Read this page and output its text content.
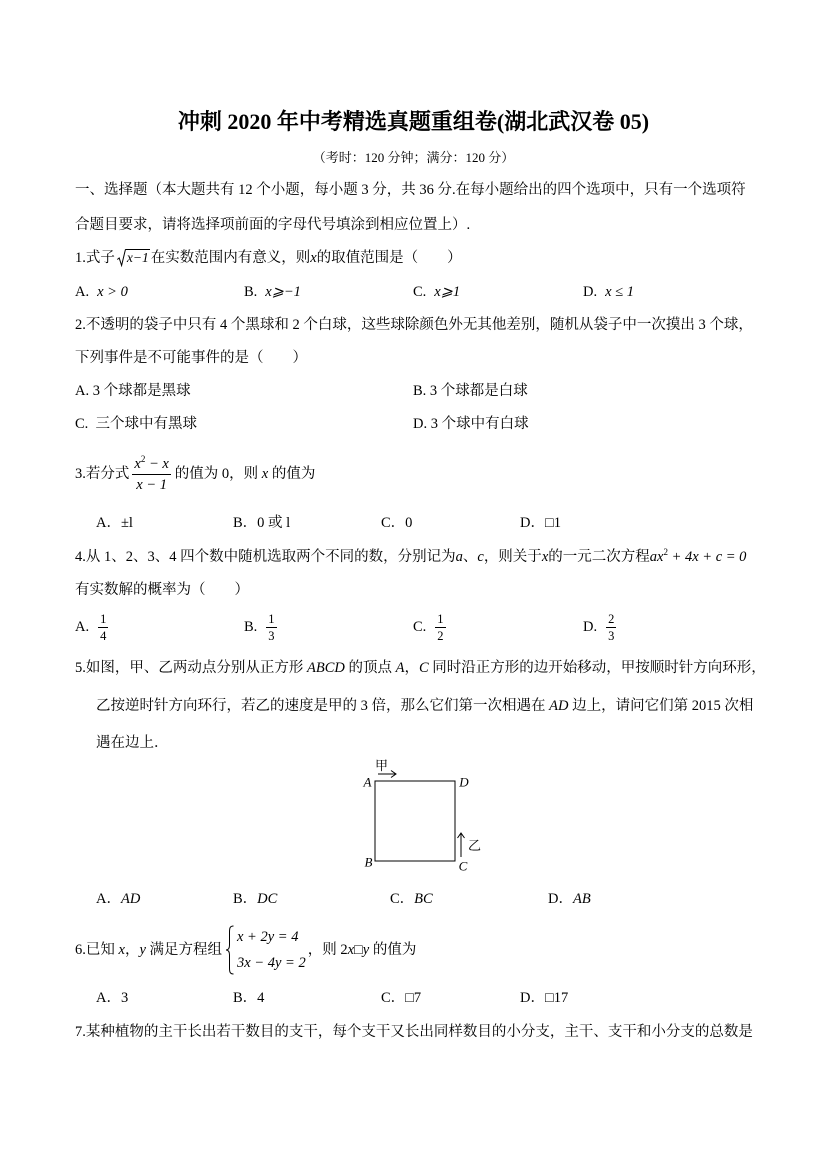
冲刺 2020 年中考精选真题重组卷(湖北武汉卷 05)
（考时：120 分钟；满分：120 分）
一、选择题（本大题共有 12 个小题，每小题 3 分，共 36 分.在每小题给出的四个选项中，只有一个选项符
合题目要求，请将选择项前面的字母代号填涂到相应位置上）.
1.式子 x−1 在实数范围内有意义，则 x 的取值范围是（　　）
A. x > 0	B. x⩾−1	C. x⩾1	D. x ≤ 1
2.不透明的袋子中只有 4 个黑球和 2 个白球，这些球除颜色外无其他差别，随机从袋子中一次摸出 3 个球，
下列事件是不可能事件的是（　　）
A. 3 个球都是黑球	B. 3 个球都是白球
C.  三个球中有黑球	D. 3 个球中有白球
3.若分式 $\frac{x^2 - x}{x - 1}$ 的值为 0，则 x 的值为
A．±l	B．0 或 l	C．0	D．□1
4.从 1、2、3、4 四个数中随机选取两个不同的数，分别记为 a 、 c ，则关于 x 的一元二次方程 $ax^2 + 4x + c = 0$
有实数解的概率为（　　）
A. $\frac{1}{4}$	B. $\frac{1}{3}$	C. $\frac{1}{2}$	D. $\frac{2}{3}$
5.如图，甲、乙两动点分别从正方形 ABCD 的顶点 A ， C 同时沿正方形的边开始移动，甲按顺时针方向环形，
乙按逆时针方向环行，若乙的速度是甲的 3 倍，那么它们第一次相遇在 AD 边上，请问它们第 2015 次相
遇在边上．
A	D
B	C
甲
乙
A． AD	B． DC	C． BC	D． AB
6.已知 x ， y 满足方程组
x + 2y = 4
3x − 4y = 2
，则 2 x □ y 的值为
A．3	B．4	C．□7	D．□17
7.某种植物的主干长出若干数目的支干，每个支干又长出同样数目的小分支，主干、支干和小分支的总数是
